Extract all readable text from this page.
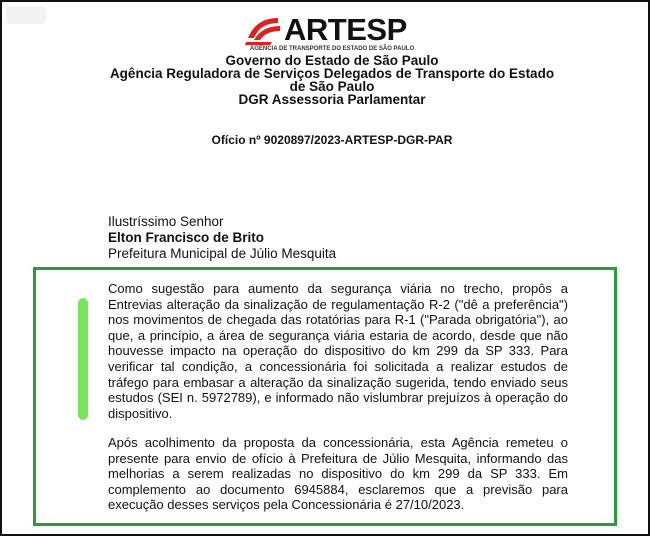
ARTESP
AGÊNCIA DE TRANSPORTE DO ESTADO DE SÃO PAULO
Governo do Estado de São Paulo
Agência Reguladora de Serviços Delegados de Transporte do Estado
de São Paulo
DGR Assessoria Parlamentar
Ofício nº 9020897/2023-ARTESP-DGR-PAR
Ilustríssimo Senhor
Elton Francisco de Brito
Prefeitura Municipal de Júlio Mesquita
Como sugestão para aumento da segurança viária no trecho, propôs a Entrevias alteração da sinalização de regulamentação R-2 ("dê a preferência") nos movimentos de chegada das rotatórias para R-1 ("Parada obrigatória"), ao que, a princípio, a área de segurança viária estaria de acordo, desde que não houvesse impacto na operação do dispositivo do km 299 da SP 333. Para verificar tal condição, a concessionária foi solicitada a realizar estudos de tráfego para embasar a alteração da sinalização sugerida, tendo enviado seus estudos (SEI n. 5972789), e informado não vislumbrar prejuízos à operação do dispositivo.
Após acolhimento da proposta da concessionária, esta Agência remeteu o presente para envio de ofício à Prefeitura de Júlio Mesquita, informando das melhorias a serem realizadas no dispositivo do km 299 da SP 333. Em complemento ao documento 6945884, esclaremos que a previsão para execução desses serviços pela Concessionária é 27/10/2023.
